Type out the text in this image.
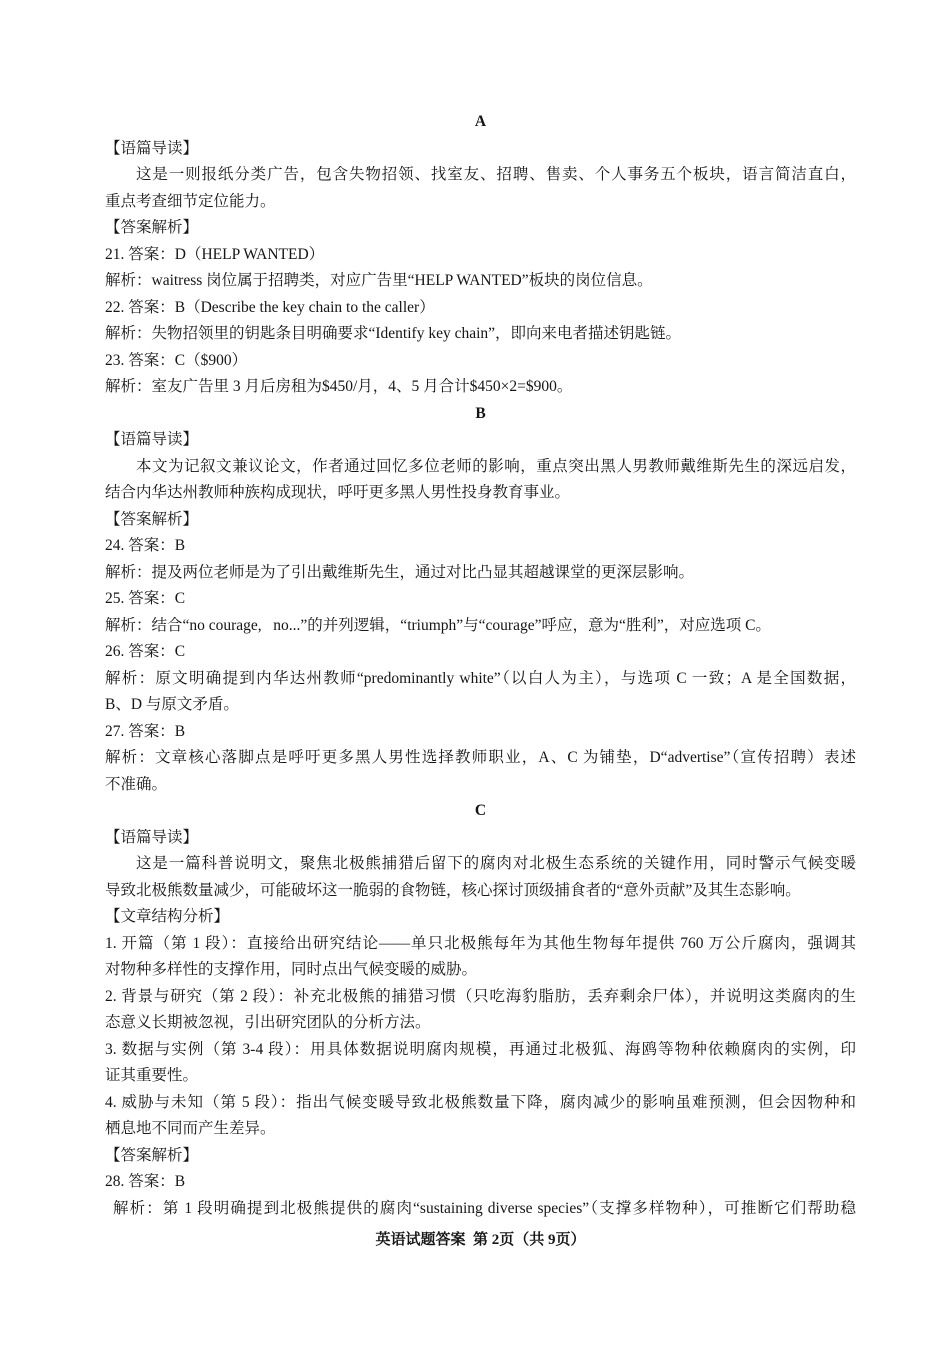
A
【语篇导读】
这是一则报纸分类广告，包含失物招领、找室友、招聘、售卖、个人事务五个板块，语言简洁直白，
重点考查细节定位能力。
【答案解析】
21. 答案：D（HELP WANTED）
解析：waitress 岗位属于招聘类，对应广告里“HELP WANTED”板块的岗位信息。
22. 答案：B（Describe the key chain to the caller）
解析：失物招领里的钥匙条目明确要求“Identify key chain”，即向来电者描述钥匙链。
23. 答案：C（$900）
解析：室友广告里 3 月后房租为$450/月，4、5 月合计$450×2=$900。
B
【语篇导读】
本文为记叙文兼议论文，作者通过回忆多位老师的影响，重点突出黑人男教师戴维斯先生的深远启发，
结合内华达州教师种族构成现状，呼吁更多黑人男性投身教育事业。
【答案解析】
24. 答案：B
解析：提及两位老师是为了引出戴维斯先生，通过对比凸显其超越课堂的更深层影响。
25. 答案：C
解析：结合“no courage,   no...”的并列逻辑，“triumph”与“courage”呼应，意为“胜利”，对应选项 C。
26. 答案：C
解析：原文明确提到内华达州教师“predominantly white”（以白人为主），与选项 C 一致；A 是全国数据，
B、D 与原文矛盾。
27. 答案：B
解析：文章核心落脚点是呼吁更多黑人男性选择教师职业，A、C 为铺垫，D“advertise”（宣传招聘）表述
不准确。
C
【语篇导读】
这是一篇科普说明文，聚焦北极熊捕猎后留下的腐肉对北极生态系统的关键作用，同时警示气候变暖
导致北极熊数量减少，可能破坏这一脆弱的食物链，核心探讨顶级捕食者的“意外贡献”及其生态影响。
【文章结构分析】
1. 开篇（第 1 段）：直接给出研究结论——单只北极熊每年为其他生物每年提供 760 万公斤腐肉，强调其
对物种多样性的支撑作用，同时点出气候变暖的威胁。
2. 背景与研究（第 2 段）：补充北极熊的捕猎习惯（只吃海豹脂肪，丢弃剩余尸体），并说明这类腐肉的生
态意义长期被忽视，引出研究团队的分析方法。
3. 数据与实例（第 3-4 段）：用具体数据说明腐肉规模，再通过北极狐、海鸥等物种依赖腐肉的实例，印
证其重要性。
4. 威胁与未知（第 5 段）：指出气候变暖导致北极熊数量下降，腐肉减少的影响虽难预测，但会因物种和
栖息地不同而产生差异。
【答案解析】
28. 答案：B
解析：第 1 段明确提到北极熊提供的腐肉“sustaining diverse species”（支撑多样物种），可推断它们帮助稳
英语试题答案  第 2页（共 9页）
